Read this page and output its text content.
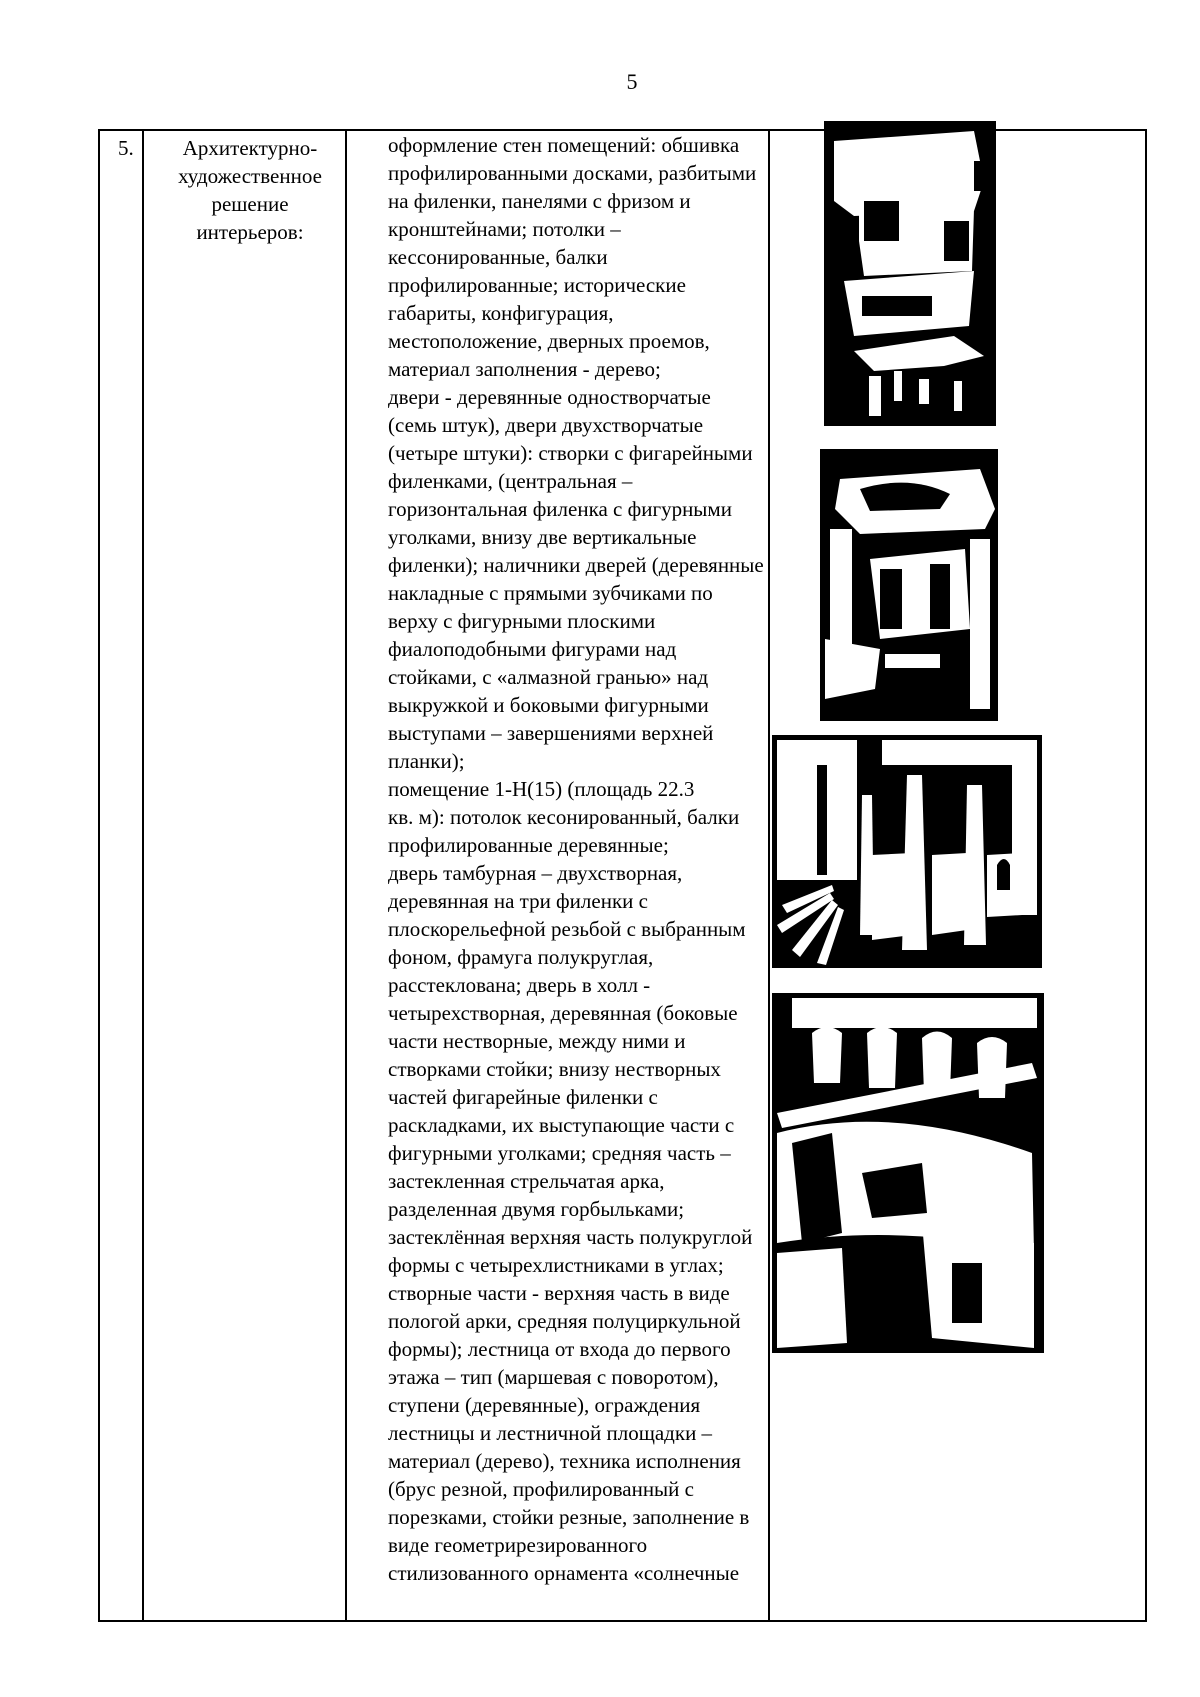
5
5.	Архитектурно-
художественное
решение
интерьеров:
оформление стен помещений: обшивка
профилированными досками, разбитыми
на филенки, панелями с фризом и
кронштейнами; потолки –
кессонированные, балки
профилированные; исторические
габариты, конфигурация,
местоположение, дверных проемов,
материал заполнения - дерево;
двери - деревянные одностворчатые
(семь штук), двери двухстворчатые
(четыре штуки): створки с фигарейными
филенками, (центральная –
горизонтальная филенка с фигурными
уголками, внизу две вертикальные
филенки); наличники дверей (деревянные
накладные с прямыми зубчиками по
верху с фигурными плоскими
фиалоподобными фигурами над
стойками, с «алмазной гранью» над
выкружкой и боковыми фигурными
выступами – завершениями верхней
планки);
помещение 1-Н(15) (площадь 22.3
кв. м): потолок кесонированный, балки
профилированные деревянные;
дверь тамбурная – двухстворная,
деревянная на три филенки с
плоскорельефной резьбой с выбранным
фоном, фрамуга полукруглая,
расстеклована; дверь в холл -
четырехстворная, деревянная (боковые
части нестворные, между ними и
створками стойки; внизу нестворных
частей фигарейные филенки с
раскладками, их выступающие части с
фигурными уголками; средняя часть –
застекленная стрельчатая арка,
разделенная двумя горбыльками;
застеклённая верхняя часть полукруглой
формы с четырехлистниками в углах;
створные части - верхняя часть в виде
пологой арки, средняя полуциркульной
формы); лестница от входа до первого
этажа – тип (маршевая с поворотом),
ступени (деревянные), ограждения
лестницы и лестничной площадки –
материал (дерево), техника исполнения
(брус резной, профилированный с
порезками, стойки резные, заполнение в
виде геометрирезированного
стилизованного орнамента «солнечные
